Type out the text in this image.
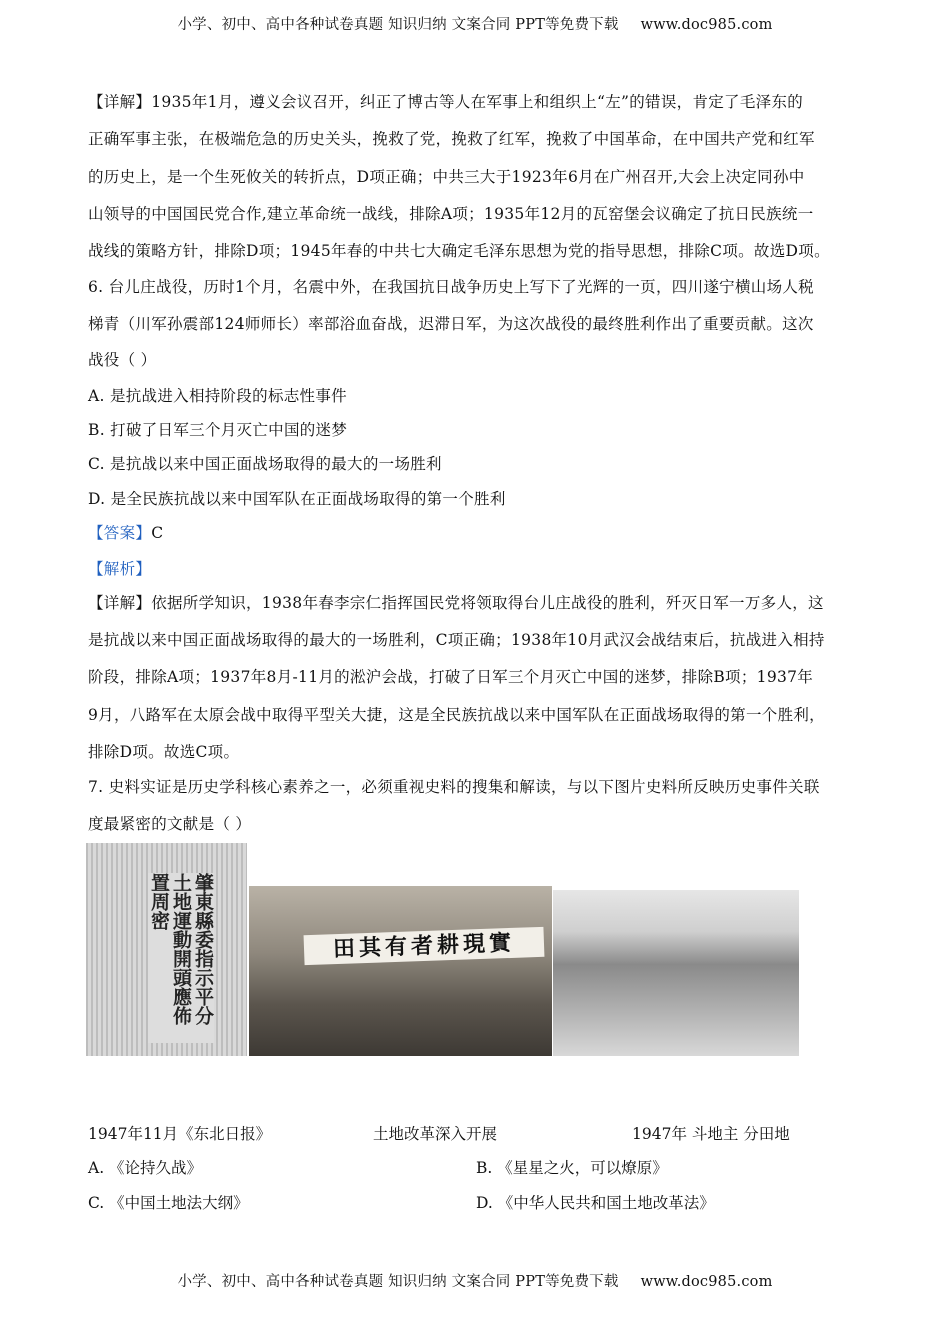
小学、初中、高中各种试卷真题 知识归纳 文案合同 PPT等免费下载 www.doc985.com
【详解】1935年1月，遵义会议召开，纠正了博古等人在军事上和组织上“左”的错误，肯定了毛泽东的
正确军事主张，在极端危急的历史关头，挽救了党，挽救了红军，挽救了中国革命，在中国共产党和红军
的历史上，是一个生死攸关的转折点，D项正确；中共三大于1923年6月在广州召开,大会上决定同孙中
山领导的中国国民党合作,建立革命统一战线，排除A项；1935年12月的瓦窑堡会议确定了抗日民族统一
战线的策略方针，排除D项；1945年春的中共七大确定毛泽东思想为党的指导思想，排除C项。故选D项。
6. 台儿庄战役，历时1个月，名震中外，在我国抗日战争历史上写下了光辉的一页，四川遂宁横山场人税
梯青（川军孙震部124师师长）率部浴血奋战，迟滞日军，为这次战役的最终胜利作出了重要贡献。这次
战役（ ）
A. 是抗战进入相持阶段的标志性事件
B. 打破了日军三个月灭亡中国的迷梦
C. 是抗战以来中国正面战场取得的最大的一场胜利
D. 是全民族抗战以来中国军队在正面战场取得的第一个胜利
【答案】C
【解析】
【详解】依据所学知识，1938年春李宗仁指挥国民党将领取得台儿庄战役的胜利，歼灭日军一万多人，这
是抗战以来中国正面战场取得的最大的一场胜利，C项正确；1938年10月武汉会战结束后，抗战进入相持
阶段，排除A项；1937年8月-11月的淞沪会战，打破了日军三个月灭亡中国的迷梦，排除B项；1937年
9月，八路军在太原会战中取得平型关大捷，这是全民族抗战以来中国军队在正面战场取得的第一个胜利，
排除D项。故选C项。
7. 史料实证是历史学科核心素养之一，必须重视史料的搜集和解读，与以下图片史料所反映历史事件关联
度最紧密的文献是（ ）
肇東縣委指示平分土地運動開頭應佈置周密
田其有者耕現實
1947年11月《东北日报》	土地改革深入开展	1947年 斗地主 分田地
A. 《论持久战》	B. 《星星之火，可以燎原》
C. 《中国土地法大纲》	D. 《中华人民共和国土地改革法》
小学、初中、高中各种试卷真题 知识归纳 文案合同 PPT等免费下载 www.doc985.com
